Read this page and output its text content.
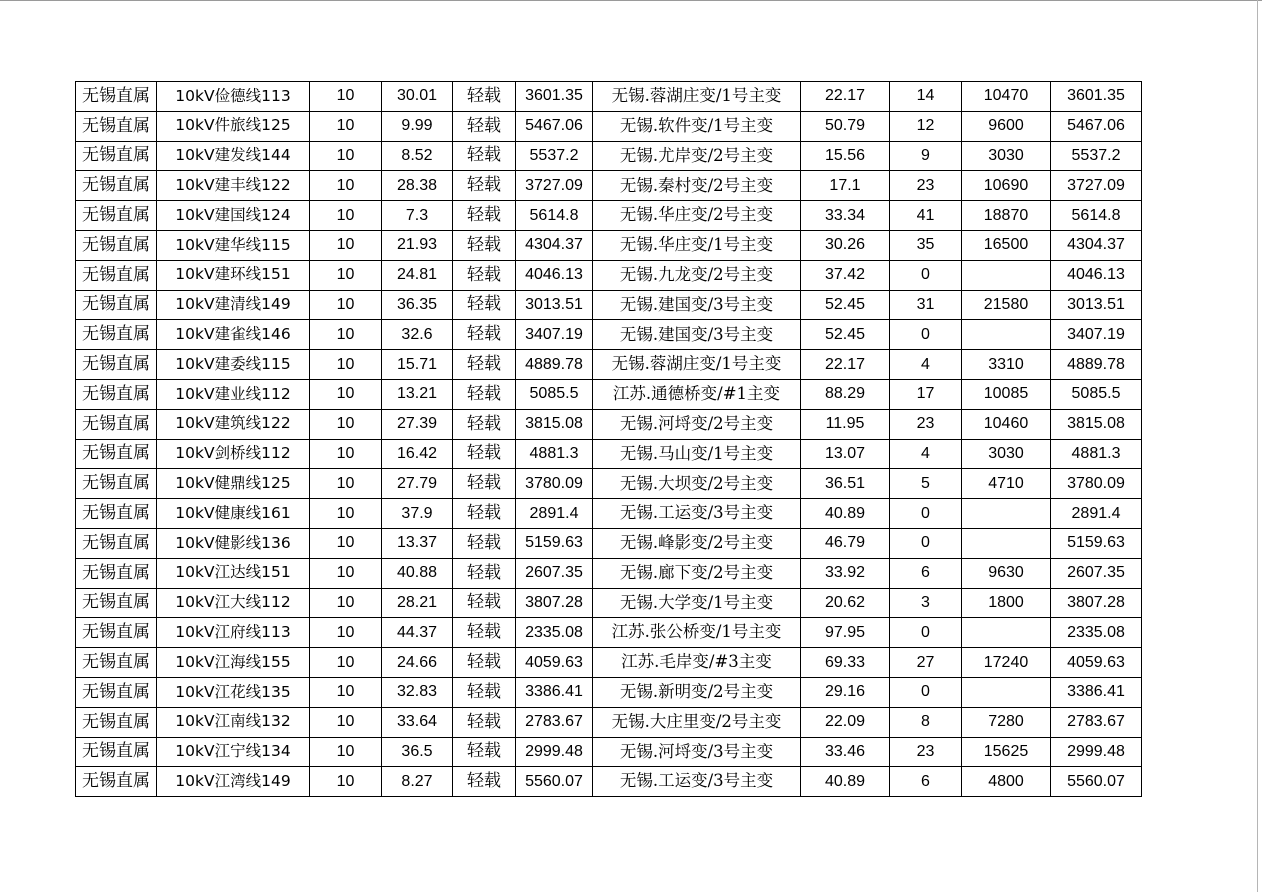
无锡直属	10kV俭德线113	10	30.01	轻载	3601.35	无锡.蓉湖庄变/1号主变	22.17	14	10470	3601.35
无锡直属	10kV件旅线125	10	9.99	轻载	5467.06	无锡.软件变/1号主变	50.79	12	9600	5467.06
无锡直属	10kV建发线144	10	8.52	轻载	5537.2	无锡.尤岸变/2号主变	15.56	9	3030	5537.2
无锡直属	10kV建丰线122	10	28.38	轻载	3727.09	无锡.秦村变/2号主变	17.1	23	10690	3727.09
无锡直属	10kV建国线124	10	7.3	轻载	5614.8	无锡.华庄变/2号主变	33.34	41	18870	5614.8
无锡直属	10kV建华线115	10	21.93	轻载	4304.37	无锡.华庄变/1号主变	30.26	35	16500	4304.37
无锡直属	10kV建环线151	10	24.81	轻载	4046.13	无锡.九龙变/2号主变	37.42	0		4046.13
无锡直属	10kV建清线149	10	36.35	轻载	3013.51	无锡.建国变/3号主变	52.45	31	21580	3013.51
无锡直属	10kV建雀线146	10	32.6	轻载	3407.19	无锡.建国变/3号主变	52.45	0		3407.19
无锡直属	10kV建委线115	10	15.71	轻载	4889.78	无锡.蓉湖庄变/1号主变	22.17	4	3310	4889.78
无锡直属	10kV建业线112	10	13.21	轻载	5085.5	江苏.通德桥变/#1主变	88.29	17	10085	5085.5
无锡直属	10kV建筑线122	10	27.39	轻载	3815.08	无锡.河埒变/2号主变	11.95	23	10460	3815.08
无锡直属	10kV剑桥线112	10	16.42	轻载	4881.3	无锡.马山变/1号主变	13.07	4	3030	4881.3
无锡直属	10kV健鼎线125	10	27.79	轻载	3780.09	无锡.大坝变/2号主变	36.51	5	4710	3780.09
无锡直属	10kV健康线161	10	37.9	轻载	2891.4	无锡.工运变/3号主变	40.89	0		2891.4
无锡直属	10kV健影线136	10	13.37	轻载	5159.63	无锡.峰影变/2号主变	46.79	0		5159.63
无锡直属	10kV江达线151	10	40.88	轻载	2607.35	无锡.廊下变/2号主变	33.92	6	9630	2607.35
无锡直属	10kV江大线112	10	28.21	轻载	3807.28	无锡.大学变/1号主变	20.62	3	1800	3807.28
无锡直属	10kV江府线113	10	44.37	轻载	2335.08	江苏.张公桥变/1号主变	97.95	0		2335.08
无锡直属	10kV江海线155	10	24.66	轻载	4059.63	江苏.毛岸变/#3主变	69.33	27	17240	4059.63
无锡直属	10kV江花线135	10	32.83	轻载	3386.41	无锡.新明变/2号主变	29.16	0		3386.41
无锡直属	10kV江南线132	10	33.64	轻载	2783.67	无锡.大庄里变/2号主变	22.09	8	7280	2783.67
无锡直属	10kV江宁线134	10	36.5	轻载	2999.48	无锡.河埒变/3号主变	33.46	23	15625	2999.48
无锡直属	10kV江湾线149	10	8.27	轻载	5560.07	无锡.工运变/3号主变	40.89	6	4800	5560.07
